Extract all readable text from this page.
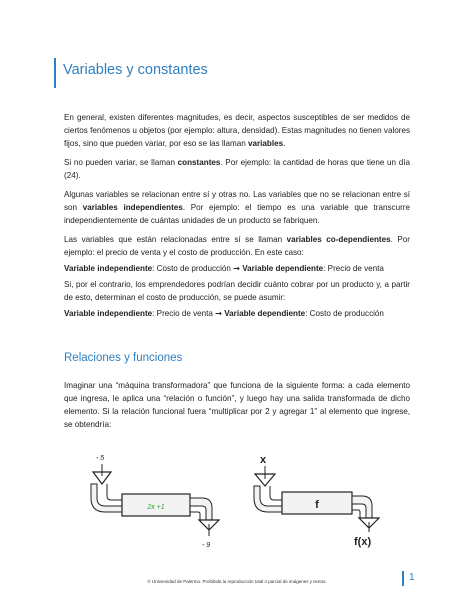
Variables y constantes

En general, existen diferentes magnitudes, es decir, aspectos susceptibles de ser medidos de ciertos fenómenos u objetos (por ejemplo: altura, densidad). Estas magnitudes no tienen valores fijos, sino que pueden variar, por eso se las llaman variables.

Si no pueden variar, se llaman constantes. Por ejemplo: la cantidad de horas que tiene un día (24).

Algunas variables se relacionan entre sí y otras no. Las variables que no se relacionan entre sí son variables independientes. Por ejemplo: el tiempo es una variable que transcurre independientemente de cuántas unidades de un producto se fabriquen.

Las variables que están relacionadas entre sí se llaman variables co-dependientes. Por ejemplo: el precio de venta y el costo de producción. En este caso:

Variable independiente: Costo de producción → Variable dependiente: Precio de venta

Si, por el contrario, los emprendedores podrían decidir cuánto cobrar por un producto y, a partir de esto, determinan el costo de producción, se puede asumir:

Variable independiente: Precio de venta → Variable dependiente: Costo de producción

Relaciones y funciones
Imaginar una “máquina transformadora” que funciona de la siguiente forma: a cada elemento que ingresa, le aplica una “relación o función”, y luego hay una salida transformada de dicho elemento. Si la relación funcional fuera “multiplicar por 2 y agregar 1” al elemento que ingrese, se obtendría:
- 5
2x +1
- 9
x
f
f(x)
© Universidad de Palermo. Prohibida la reproducción total o parcial de imágenes y textos.	1
